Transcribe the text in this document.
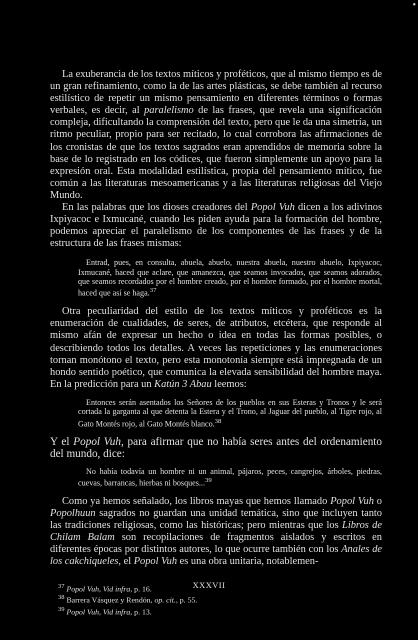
•

La exuberancia de los textos míticos y proféticos, que al mismo tiempo es de un gran refinamiento, como la de las artes plásticas, se debe también al recurso estilístico de repetir un mismo pensamiento en diferentes términos o formas verbales, es decir, al paralelismo de las frases, que revela una significación compleja, dificultando la comprensión del texto, pero que le da una simetría, un ritmo peculiar, propio para ser recitado, lo cual corrobora las afirmaciones de los cronistas de que los textos sagrados eran aprendidos de memoria sobre la base de lo registrado en los códices, que fueron simplemente un apoyo para la expresión oral. Esta modalidad estilística, propia del pensamiento mítico, fue común a las literaturas mesoamericanas y a las literaturas religiosas del Viejo Mundo.

En las palabras que los dioses creadores del Popol Vuh dicen a los adivinos Ixpiyacoc e Ixmucané, cuando les piden ayuda para la formación del hombre, podemos apreciar el paralelismo de los componentes de las frases y de la estructura de las frases mismas:

Entrad, pues, en consulta, abuela, abuelo, nuestra abuela, nuestro abuelo, Ixpiyacoc, Ixmucané, haced que aclare, que amanezca, que seamos invocados, que seamos adorados, que seamos recordados por el hombre creado, por el hombre formado, por el hombre mortal, haced que así se haga.$^{37}$

Otra peculiaridad del estilo de los textos míticos y proféticos es la enumeración de cualidades, de seres, de atributos, etcétera, que responde al mismo afán de expresar un hecho o idea en todas las formas posibles, o describiendo todos los detalles. A veces las repeticiones y las enumeraciones tornan monótono el texto, pero esta monotonía siempre está impregnada de un hondo sentido poético, que comunica la elevada sensibilidad del hombre maya. En la predicción para un Katún 3 Abau leemos:

Entonces serán asentados los Señores de los pueblos en sus Esteras y Tronos y le será cortada la garganta al que detenta la Estera y el Trono, al Jaguar del pueblo, al Tigre rojo, al Gato Montés rojo, al Gato Montés blanco.$^{38}$

Y el Popol Vuh, para afirmar que no había seres antes del ordenamiento del mundo, dice:

No había todavía un hombre ni un animal, pájaros, peces, cangrejos, árboles, piedras, cuevas, barrancas, hierbas ni bosques...$^{39}$

Como ya hemos señalado, los libros mayas que hemos llamado Popol Vuh o Popolhuun sagrados no guardan una unidad temática, sino que incluyen tanto las tradiciones religiosas, como las históricas; pero mientras que los Libros de Chilam Balam son recopilaciones de fragmentos aislados y escritos en diferentes épocas por distintos autores, lo que ocurre también con los Anales de los cakchiqueles, el Popol Vuh es una obra unitaria, notablemen-

$^{37}$ Popol Vuh, Vid infra, p. 16.

$^{38}$ Barrera Vásquez y Rendón, op. cit., p. 55.

$^{39}$ Popol Vuh, Vid infra, p. 13.

XXXVII
